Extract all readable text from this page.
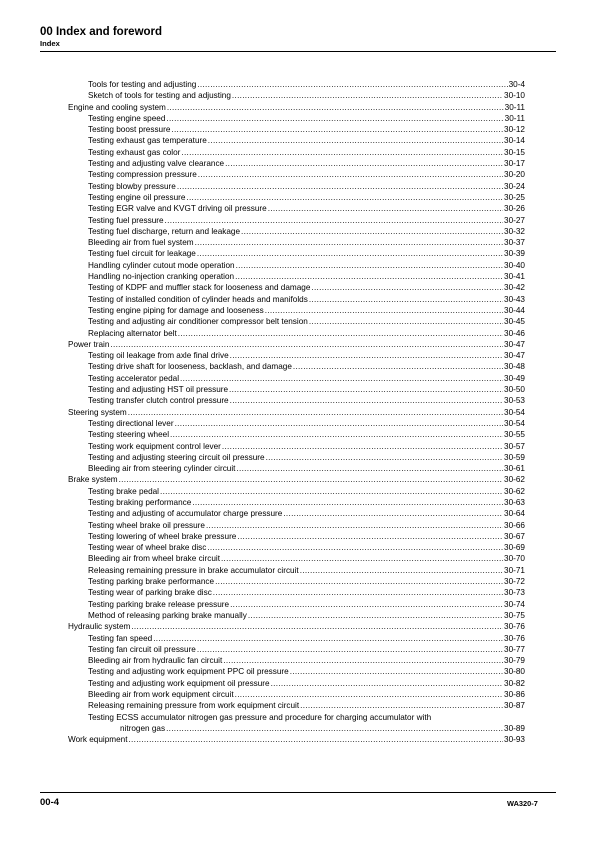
00 Index and foreword
Index
Tools for testing and adjusting .....	30-4
Sketch of tools for testing and adjusting .....	30-10
Engine and cooling system .....	30-11
Testing engine speed .....	30-11
Testing boost pressure .....	30-12
Testing exhaust gas temperature .....	30-14
Testing exhaust gas color .....	30-15
Testing and adjusting valve clearance .....	30-17
Testing compression pressure .....	30-20
Testing blowby pressure .....	30-24
Testing engine oil pressure .....	30-25
Testing EGR valve and KVGT driving oil pressure .....	30-26
Testing fuel pressure .....	30-27
Testing fuel discharge, return and leakage .....	30-32
Bleeding air from fuel system .....	30-37
Testing fuel circuit for leakage .....	30-39
Handling cylinder cutout mode operation .....	30-40
Handling no-injection cranking operation .....	30-41
Testing of KDPF and muffler stack for looseness and damage .....	30-42
Testing of installed condition of cylinder heads and manifolds .....	30-43
Testing engine piping for damage and looseness .....	30-44
Testing and adjusting air conditioner compressor belt tension .....	30-45
Replacing alternator belt .....	30-46
Power train .....	30-47
Testing oil leakage from axle final drive .....	30-47
Testing drive shaft for looseness, backlash, and damage .....	30-48
Testing accelerator pedal .....	30-49
Testing and adjusting HST oil pressure .....	30-50
Testing transfer clutch control pressure .....	30-53
Steering system .....	30-54
Testing directional lever .....	30-54
Testing steering wheel .....	30-55
Testing work equipment control lever .....	30-57
Testing and adjusting steering circuit oil pressure .....	30-59
Bleeding air from steering cylinder circuit .....	30-61
Brake system .....	30-62
Testing brake pedal .....	30-62
Testing braking performance .....	30-63
Testing and adjusting of accumulator charge pressure .....	30-64
Testing wheel brake oil pressure .....	30-66
Testing lowering of wheel brake pressure .....	30-67
Testing wear of wheel brake disc .....	30-69
Bleeding air from wheel brake circuit .....	30-70
Releasing remaining pressure in brake accumulator circuit .....	30-71
Testing parking brake performance .....	30-72
Testing wear of parking brake disc .....	30-73
Testing parking brake release pressure .....	30-74
Method of releasing parking brake manually .....	30-75
Hydraulic system .....	30-76
Testing fan speed .....	30-76
Testing fan circuit oil pressure .....	30-77
Bleeding air from hydraulic fan circuit .....	30-79
Testing and adjusting work equipment PPC oil pressure .....	30-80
Testing and adjusting work equipment oil pressure .....	30-82
Bleeding air from work equipment circuit .....	30-86
Releasing remaining pressure from work equipment circuit .....	30-87
Testing ECSS accumulator nitrogen gas pressure and procedure for charging accumulator with
nitrogen gas .....	30-89
Work equipment .....	30-93
00-4	WA320-7
